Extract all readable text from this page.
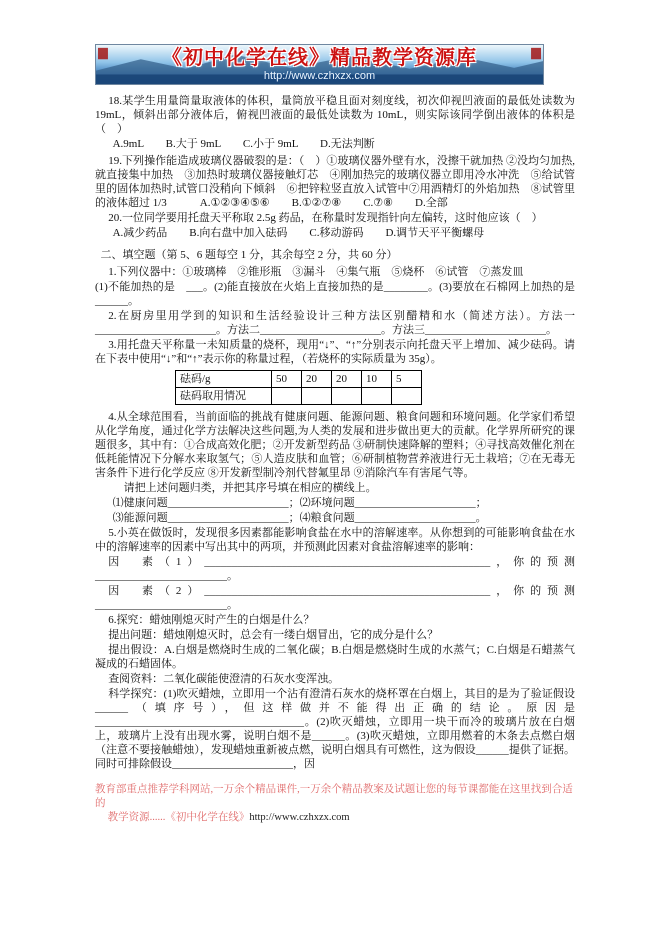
《初中化学在线》精品教学资源库
http://www.czhxzx.com

18.某学生用量筒量取液体的体积，量筒放平稳且面对刻度线，初次仰视凹液面的最低处读数为 19mL，倾斜出部分液体后，俯视凹液面的最低处读数为 10mL，则实际该同学倒出液体的体积是（　）

A.9mL　　B.大于 9mL　　C.小于 9mL　　D.无法判断

19.下列操作能造成玻璃仪器破裂的是：（　）①玻璃仪器外壁有水，没擦干就加热 ②没均匀加热,就直接集中加热　③加热时玻璃仪器接触灯芯　④刚加热完的玻璃仪器立即用冷水冲洗　⑤给试管里的固体加热时,试管口没稍向下倾斜　⑥把锌粒竖直放入试管中⑦用酒精灯的外焰加热　⑧试管里的液体超过 1/3　　　A.①②③④⑤⑥　　B.①②⑦⑧　　C.⑦⑧　　D.全部

20.一位同学要用托盘天平称取 2.5g 药品，在称量时发现指针向左偏转，这时他应该（　）

A.减少药品　　B.向右盘中加入砝码　　C.移动游码　　D.调节天平平衡螺母

二、填空题（第 5、6 题每空 1 分，其余每空 2 分，共 60 分）

1.下列仪器中：①玻璃棒　②锥形瓶　③漏斗　④集气瓶　⑤烧杯　⑥试管　⑦蒸发皿

(1)不能加热的是　___。(2)能直接放在火焰上直接加热的是________。(3)要放在石棉网上加热的是______。

2.在厨房里用学到的知识和生活经验设计三种方法区别醋精和水（简述方法）。方法一______________________。方法二______________________。方法三______________________。

3.用托盘天平称量一未知质量的烧杯，现用“↓”、“↑”分别表示向托盘天平上增加、减少砝码。请在下表中使用“↓”和“↑”表示你的称量过程，（若烧杯的实际质量为 35g）。

砝码/g	50	20	20	10	5
砝码取用情况					

4.从全球范围看，当前面临的挑战有健康问题、能源问题、粮食问题和环境问题。化学家们希望从化学角度，通过化学方法解决这些问题,为人类的发展和进步做出更大的贡献。化学界所研究的课题很多，其中有：①合成高效化肥；②开发新型药品 ③研制快速降解的塑料；④寻找高效催化剂在低耗能情况下分解水来取氢气；⑤人造皮肤和血管；⑥研制植物营养液进行无土栽培；⑦在无毒无害条件下进行化学反应 ⑧开发新型制冷剂代替氟里昂 ⑨消除汽车有害尾气等。

请把上述问题归类，并把其序号填在相应的横线上。

⑴健康问题______________________；⑵环境问题______________________；

⑶能源问题______________________；⑷粮食问题______________________。

5.小英在做饭时，发现很多因素都能影响食盐在水中的溶解速率。从你想到的可能影响食盐在水中的溶解速率的因素中写出其中的两项，并预测此因素对食盐溶解速率的影响：

因　素（1）____________________________________________________，你的预测________________________。

因　素（2）____________________________________________________，你的预测________________________。

6.探究：蜡烛刚熄灭时产生的白烟是什么？

提出问题：蜡烛刚熄灭时，总会有一缕白烟冒出，它的成分是什么？

提出假设：A.白烟是燃烧时生成的二氧化碳；B.白烟是燃烧时生成的水蒸气；C.白烟是石蜡蒸气凝成的石蜡固体。

查阅资料：二氧化碳能使澄清的石灰水变浑浊。

科学探究：(1)吹灭蜡烛，立即用一个沾有澄清石灰水的烧杯罩在白烟上，其目的是为了验证假设______（填序号），但这样做并不能得出正确的结论。原因是______________________________________。(2)吹灭蜡烛，立即用一块干而冷的玻璃片放在白烟上，玻璃片上没有出现水雾，说明白烟不是______。(3)吹灭蜡烛，立即用燃着的木条去点燃白烟（注意不要接触蜡烛），发现蜡烛重新被点燃，说明白烟具有可燃性，这为假设______提供了证据。同时可排除假设______________________，因

教育部重点推荐学科网站,一万余个精品课件,一万余个精品教案及试题让您的每节课都能在这里找到合适的
教学资源......《初中化学在线》http://www.czhxzx.com
